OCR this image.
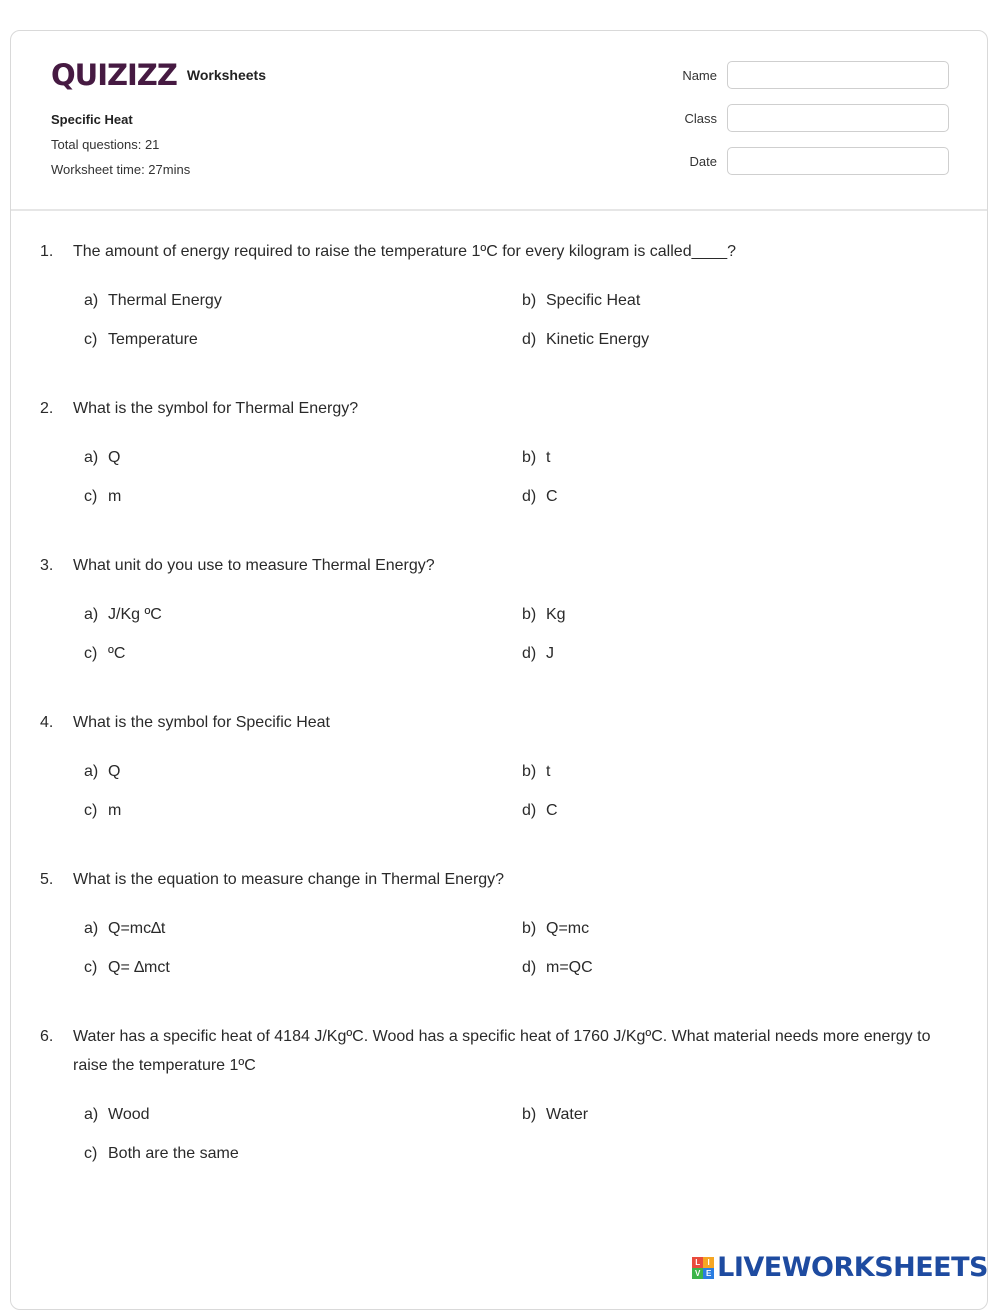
QUIZIZZ Worksheets
Specific Heat
Total questions: 21
Worksheet time: 27mins
Name
Class
Date
1. The amount of energy required to raise the temperature 1ºC for every kilogram is called____?
a) Thermal Energy	b) Specific Heat
c) Temperature	d) Kinetic Energy
2. What is the symbol for Thermal Energy?
a) Q	b) t
c) m	d) C
3. What unit do you use to measure Thermal Energy?
a) J/Kg ºC	b) Kg
c) ºC	d) J
4. What is the symbol for Specific Heat
a) Q	b) t
c) m	d) C
5. What is the equation to measure change in Thermal Energy?
a) Q=mc∆t	b) Q=mc
c) Q= ∆mct	d) m=QC
6. Water has a specific heat of 4184 J/KgºC. Wood has a specific heat of 1760 J/KgºC. What material needs more energy to raise the temperature 1ºC
a) Wood	b) Water
c) Both are the same
L I
V E LIVEWORKSHEETS
